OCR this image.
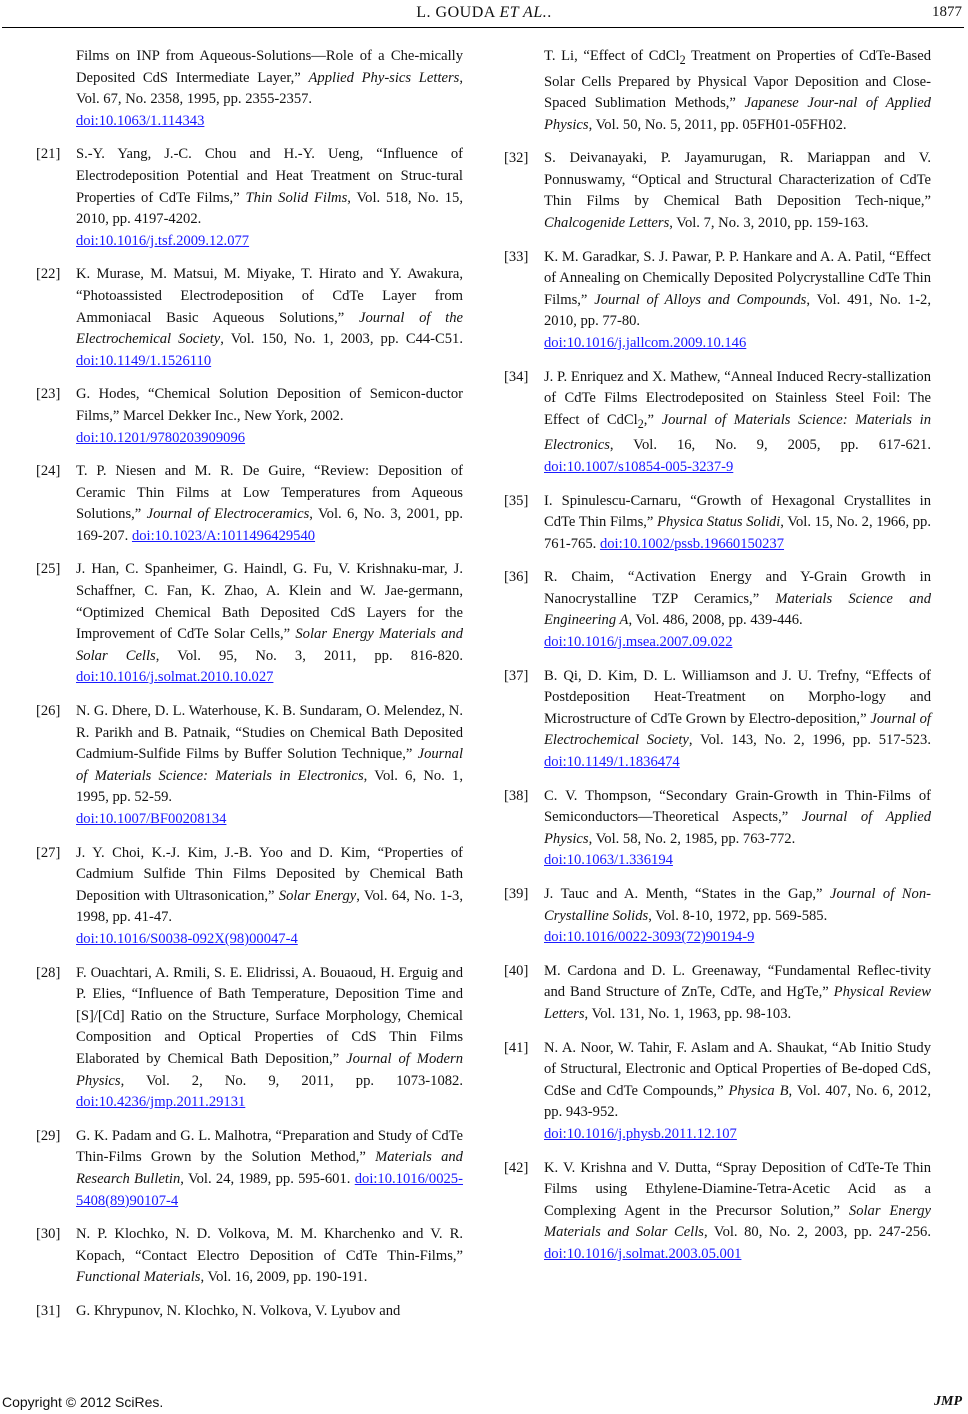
L. GOUDA ET AL..	1877
Films on INP from Aqueous-Solutions—Role of a Che-mically Deposited CdS Intermediate Layer,” Applied Phy-sics Letters, Vol. 67, No. 2358, 1995, pp. 2355-2357.
doi:10.1063/1.114343
[21] S.-Y. Yang, J.-C. Chou and H.-Y. Ueng, “Influence of Electrodeposition Potential and Heat Treatment on Struc-tural Properties of CdTe Films,” Thin Solid Films, Vol. 518, No. 15, 2010, pp. 4197-4202.
doi:10.1016/j.tsf.2009.12.077
[22] K. Murase, M. Matsui, M. Miyake, T. Hirato and Y. Awakura, “Photoassisted Electrodeposition of CdTe Layer from Ammoniacal Basic Aqueous Solutions,” Journal of the Electrochemical Society, Vol. 150, No. 1, 2003, pp. C44-C51. doi:10.1149/1.1526110
[23] G. Hodes, “Chemical Solution Deposition of Semicon-ductor Films,” Marcel Dekker Inc., New York, 2002.
doi:10.1201/9780203909096
[24] T. P. Niesen and M. R. De Guire, “Review: Deposition of Ceramic Thin Films at Low Temperatures from Aqueous Solutions,” Journal of Electroceramics, Vol. 6, No. 3, 2001, pp. 169-207. doi:10.1023/A:1011496429540
[25] J. Han, C. Spanheimer, G. Haindl, G. Fu, V. Krishnaku-mar, J. Schaffner, C. Fan, K. Zhao, A. Klein and W. Jae-germann, “Optimized Chemical Bath Deposited CdS Layers for the Improvement of CdTe Solar Cells,” Solar Energy Materials and Solar Cells, Vol. 95, No. 3, 2011, pp. 816-820. doi:10.1016/j.solmat.2010.10.027
[26] N. G. Dhere, D. L. Waterhouse, K. B. Sundaram, O. Melendez, N. R. Parikh and B. Patnaik, “Studies on Chemical Bath Deposited Cadmium-Sulfide Films by Buffer Solution Technique,” Journal of Materials Science: Materials in Electronics, Vol. 6, No. 1, 1995, pp. 52-59.
doi:10.1007/BF00208134
[27] J. Y. Choi, K.-J. Kim, J.-B. Yoo and D. Kim, “Properties of Cadmium Sulfide Thin Films Deposited by Chemical Bath Deposition with Ultrasonication,” Solar Energy, Vol. 64, No. 1-3, 1998, pp. 41-47.
doi:10.1016/S0038-092X(98)00047-4
[28] F. Ouachtari, A. Rmili, S. E. Elidrissi, A. Bouaoud, H. Erguig and P. Elies, “Influence of Bath Temperature, Deposition Time and [S]/[Cd] Ratio on the Structure, Surface Morphology, Chemical Composition and Optical Properties of CdS Thin Films Elaborated by Chemical Bath Deposition,” Journal of Modern Physics, Vol. 2, No. 9, 2011, pp. 1073-1082. doi:10.4236/jmp.2011.29131
[29] G. K. Padam and G. L. Malhotra, “Preparation and Study of CdTe Thin-Films Grown by the Solution Method,” Materials and Research Bulletin, Vol. 24, 1989, pp. 595-601. doi:10.1016/0025-5408(89)90107-4
[30] N. P. Klochko, N. D. Volkova, M. M. Kharchenko and V. R. Kopach, “Contact Electro Deposition of CdTe Thin-Films,” Functional Materials, Vol. 16, 2009, pp. 190-191.
[31] G. Khrypunov, N. Klochko, N. Volkova, V. Lyubov and
T. Li, “Effect of CdCl$_2$ Treatment on Properties of CdTe-Based Solar Cells Prepared by Physical Vapor Deposition and Close-Spaced Sublimation Methods,” Japanese Jour-nal of Applied Physics, Vol. 50, No. 5, 2011, pp. 05FH01-05FH02.
[32] S. Deivanayaki, P. Jayamurugan, R. Mariappan and V. Ponnuswamy, “Optical and Structural Characterization of CdTe Thin Films by Chemical Bath Deposition Tech-nique,” Chalcogenide Letters, Vol. 7, No. 3, 2010, pp. 159-163.
[33] K. M. Garadkar, S. J. Pawar, P. P. Hankare and A. A. Patil, “Effect of Annealing on Chemically Deposited Polycrystalline CdTe Thin Films,” Journal of Alloys and Compounds, Vol. 491, No. 1-2, 2010, pp. 77-80.
doi:10.1016/j.jallcom.2009.10.146
[34] J. P. Enriquez and X. Mathew, “Anneal Induced Recry-stallization of CdTe Films Electrodeposited on Stainless Steel Foil: The Effect of CdCl$_2$,” Journal of Materials Science: Materials in Electronics, Vol. 16, No. 9, 2005, pp. 617-621. doi:10.1007/s10854-005-3237-9
[35] I. Spinulescu-Carnaru, “Growth of Hexagonal Crystallites in CdTe Thin Films,” Physica Status Solidi, Vol. 15, No. 2, 1966, pp. 761-765. doi:10.1002/pssb.19660150237
[36] R. Chaim, “Activation Energy and Y-Grain Growth in Nanocrystalline TZP Ceramics,” Materials Science and Engineering A, Vol. 486, 2008, pp. 439-446.
doi:10.1016/j.msea.2007.09.022
[37] B. Qi, D. Kim, D. L. Williamson and J. U. Trefny, “Effects of Postdeposition Heat-Treatment on Morpho-logy and Microstructure of CdTe Grown by Electro-deposition,” Journal of Electrochemical Society, Vol. 143, No. 2, 1996, pp. 517-523. doi:10.1149/1.1836474
[38] C. V. Thompson, “Secondary Grain-Growth in Thin-Films of Semiconductors—Theoretical Aspects,” Journal of Applied Physics, Vol. 58, No. 2, 1985, pp. 763-772.
doi:10.1063/1.336194
[39] J. Tauc and A. Menth, “States in the Gap,” Journal of Non-Crystalline Solids, Vol. 8-10, 1972, pp. 569-585.
doi:10.1016/0022-3093(72)90194-9
[40] M. Cardona and D. L. Greenaway, “Fundamental Reflec-tivity and Band Structure of ZnTe, CdTe, and HgTe,” Physical Review Letters, Vol. 131, No. 1, 1963, pp. 98-103.
[41] N. A. Noor, W. Tahir, F. Aslam and A. Shaukat, “Ab Initio Study of Structural, Electronic and Optical Properties of Be-doped CdS, CdSe and CdTe Compounds,” Physica B, Vol. 407, No. 6, 2012, pp. 943-952.
doi:10.1016/j.physb.2011.12.107
[42] K. V. Krishna and V. Dutta, “Spray Deposition of CdTe-Te Thin Films using Ethylene-Diamine-Tetra-Acetic Acid as a Complexing Agent in the Precursor Solution,” Solar Energy Materials and Solar Cells, Vol. 80, No. 2, 2003, pp. 247-256. doi:10.1016/j.solmat.2003.05.001
Copyright © 2012 SciRes.	JMP
